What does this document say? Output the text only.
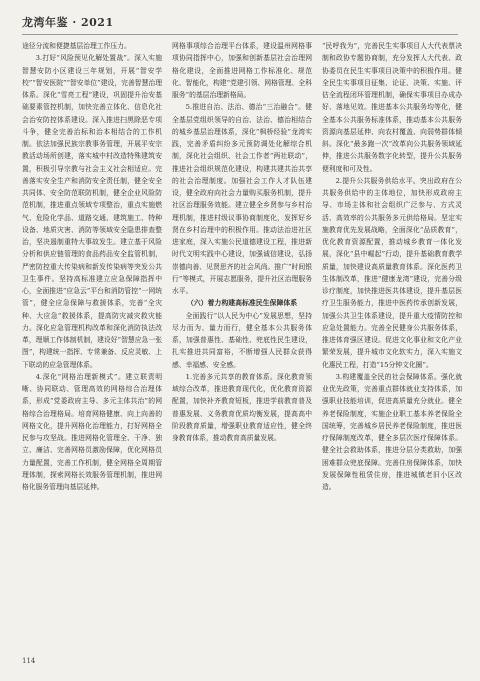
龙湾年鉴 · 2021

途径分流和便捷基层治理工作压力。

3.打好“风险预见化解处置战”。深入实施智慧安防小区建设三年规划，开展“智安学校”“智安医院”“智安单位”建设，完善智慧治理体系。深化“雪亮工程”建设，巩固提升治安基础要素管控机制，加快完善立体化、信息化社会治安防控体系建设。深入推进扫黑除恶专项斗争，健全完善治标和治本相结合的工作机制。依法加强民族宗教事务管理，开展平安宗教活动场所创建，落实城中村改造特殊建筑安置，积极引导宗教与社会主义社会相适应。完善落实安全生产和消防安全责任制，健全安全共同体、安全防范联防机制，健全企业风险防范机制，推进重点领域专项整治，重点实施燃气、危险化学品、道路交通、建筑施工、特种设备、地质灾害、消防等领域安全隐患排查整治，坚决遏制重特大事故发生。建立基于风险分析和供应链管理的食品药品安全监管机制，严密防控重大传染病和新发传染病等突发公共卫生事件。坚持高标准建立应急保障指挥中心，全面推进“应急云”平台和消防管控“一网统管”，健全应急保障与救援体系，完善“全灾种、大应急”救援体系，提高防灾减灾救灾能力。深化应急管理机构改革和深化消防执法改革，理顺工作体制机制，建设好“智慧应急一张图”，构建统一指挥、专常兼备、反应灵敏、上下联动的应急管理体系。

4.深化“网格治理新模式”。建立联责明晰、协同联动、管理高效的网格综合治理体系，形成“党委政府主导、多元主体共治”的网格综合治理格局。培育网格健康、向上向善的网格文化，提升网格化治理能力，打好网格全民参与攻坚战。推进网格化管理全、干净、独立、廉洁、完善网格员激励保障，优化网格员力量配置，完善工作机制，健全网格全周期管理体制，探索网格长效服务管理机制，推进网格化服务管理向基层延伸。

网格事项综合治理平台体系，建设温州网格事项协同指挥中心，加强和创新基层社会治理网格化建设，全面推进网格工作标准化、规范化、智能化，构建“党建引领、网格管理、全科服务”的基层治理新格局。

5.推进自治、法治、德治“三治融合”。健全基层党组织领导的自治、法治、德治相结合的城乡基层治理体系，深化“枫桥经验”龙湾实践，完善矛盾纠纷多元预防调处化解综合机制，深化社会组织、社会工作者“两社联动”，推进社会组织规范化建设，构建共建共治共享的社会治理制度。加强社会工作人才队伍建设，健全政府向社会力量购买服务机制，提升社区治理服务效能。建立健全乡贤参与乡村治理机制，推进村级议事协商制度化，发挥好乡贤在乡村治理中的积极作用。推动法治进社区进家庭，深入实施公民道德建设工程，推进新时代文明实践中心建设，加强诚信建设，弘扬崇德向善、见贤思齐的社会风尚。推广“时间银行”等模式，开展志愿服务，提升社区治理服务水平。

（六）着力构建高标准民生保障体系

全面践行“以人民为中心”发展思想，坚持尽力而为、量力而行，健全基本公共服务体系，加强普惠性、基础性、兜底性民生建设，扎实推进共同富裕，不断增强人民群众获得感、幸福感、安全感。

1.完善多元共享的教育体系。深化教育领域综合改革，推进教育现代化，优化教育资源配置，加快补齐教育短板，推进学前教育普及普惠发展、义务教育优质均衡发展，提高高中阶段教育质量，增强职业教育适应性，健全终身教育体系，推动教育高质量发展。

“民呼我为”，完善民生实事项目人大代表票决制和政协专题协商制，充分发挥人大代表、政协委员在民生实事项目决策中的积极作用。健全民生实事项目征集、论证、决策、实施、评估全流程闭环管理机制，确保实事项目办成办好、落地见效。推进基本公共服务均等化，健全基本公共服务标准体系，推动基本公共服务资源向基层延伸、向农村覆盖、向弱势群体倾斜。深化“最多跑一次”改革向公共服务领域延伸，推进公共服务数字化转型，提升公共服务便利度和可及性。

2.提升公共服务供给水平。突出政府在公共服务供给中的主体地位，加快形成政府主导、市场主体和社会组织广泛参与、方式灵活、高效率的公共服务多元供给格局。坚定实施教育优先发展战略，全面深化“品质教育”，优化教育资源配置，推动城乡教育一体化发展，深化“县中崛起”行动，提升基础教育教学质量，加快建设高质量教育体系。深化医药卫生体制改革，推进“健康龙湾”建设，完善分级诊疗制度，加快推进医共体建设，提升基层医疗卫生服务能力，推进中医药传承创新发展，加强公共卫生体系建设，提升重大疫情防控和应急处置能力。完善全民健身公共服务体系，推进体育强区建设。促进文化事业和文化产业繁荣发展，提升城市文化软实力，深入实施文化惠民工程，打造“15分钟文化圈”。

3.构建覆盖全民的社会保障体系。强化就业优先政策，完善重点群体就业支持体系，加强职业技能培训，促进高质量充分就业。健全养老保险制度，实施企业职工基本养老保险全国统筹，完善城乡居民养老保险制度，推进医疗保障制度改革，健全多层次医疗保障体系。健全社会救助体系，推进分层分类救助，加强困难群众兜底保障。完善住房保障体系，加快发展保障性租赁住房，推进城镇老旧小区改造。

114
